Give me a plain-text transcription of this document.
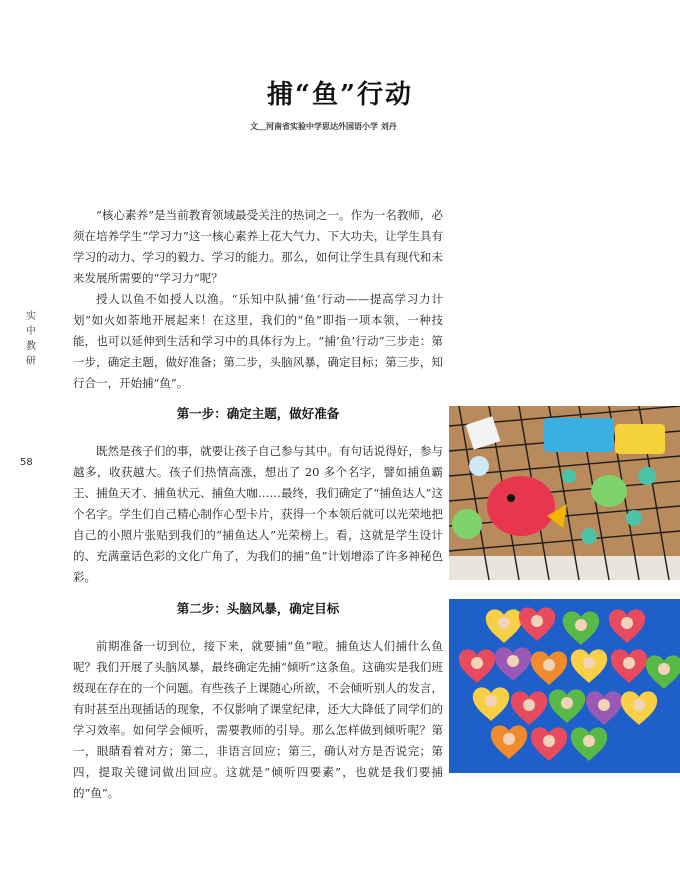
捕“鱼”行动
文＿河南省实验中学思达外国语小学 刘丹
实
中
教
研
58

“核心素养”是当前教育领域最受关注的热词之一。作为一名教师，必须在培养学生“学习力”这一核心素养上花大气力、下大功夫，让学生具有学习的动力、学习的毅力、学习的能力。那么，如何让学生具有现代和未来发展所需要的“学习力”呢？

授人以鱼不如授人以渔。“乐知中队捕‘鱼’行动——提高学习力计划”如火如荼地开展起来！在这里，我们的“鱼”即指一项本领，一种技能，也可以延伸到生活和学习中的具体行为上。“捕‘鱼’行动”三步走：第一步，确定主题，做好准备；第二步，头脑风暴，确定目标；第三步，知行合一，开始捕“鱼”。

第一步：确定主题，做好准备

既然是孩子们的事，就要让孩子自己参与其中。有句话说得好，参与越多，收获越大。孩子们热情高涨，想出了 20 多个名字，譬如捕鱼霸王、捕鱼天才、捕鱼状元、捕鱼大咖……最终，我们确定了“捕鱼达人”这个名字。学生们自己精心制作心型卡片，获得一个本领后就可以光荣地把自己的小照片张贴到我们的“捕鱼达人”光荣榜上。看，这就是学生设计的、充满童话色彩的文化广角了，为我们的捕“鱼”计划增添了许多神秘色彩。

第二步：头脑风暴，确定目标

前期准备一切到位，接下来，就要捕“鱼”啦。捕鱼达人们捕什么鱼呢？我们开展了头脑风暴，最终确定先捕“倾听”这条鱼。这确实是我们班级现在存在的一个问题。有些孩子上课随心所欲，不会倾听别人的发言，有时甚至出现插话的现象，不仅影响了课堂纪律，还大大降低了同学们的学习效率。如何学会倾听，需要教师的引导。那么怎样做到倾听呢？第一，眼睛看着对方；第二，非语言回应；第三，确认对方是否说完；第四，提取关键词做出回应。这就是“倾听四要素”，也就是我们要捕的“鱼”。
